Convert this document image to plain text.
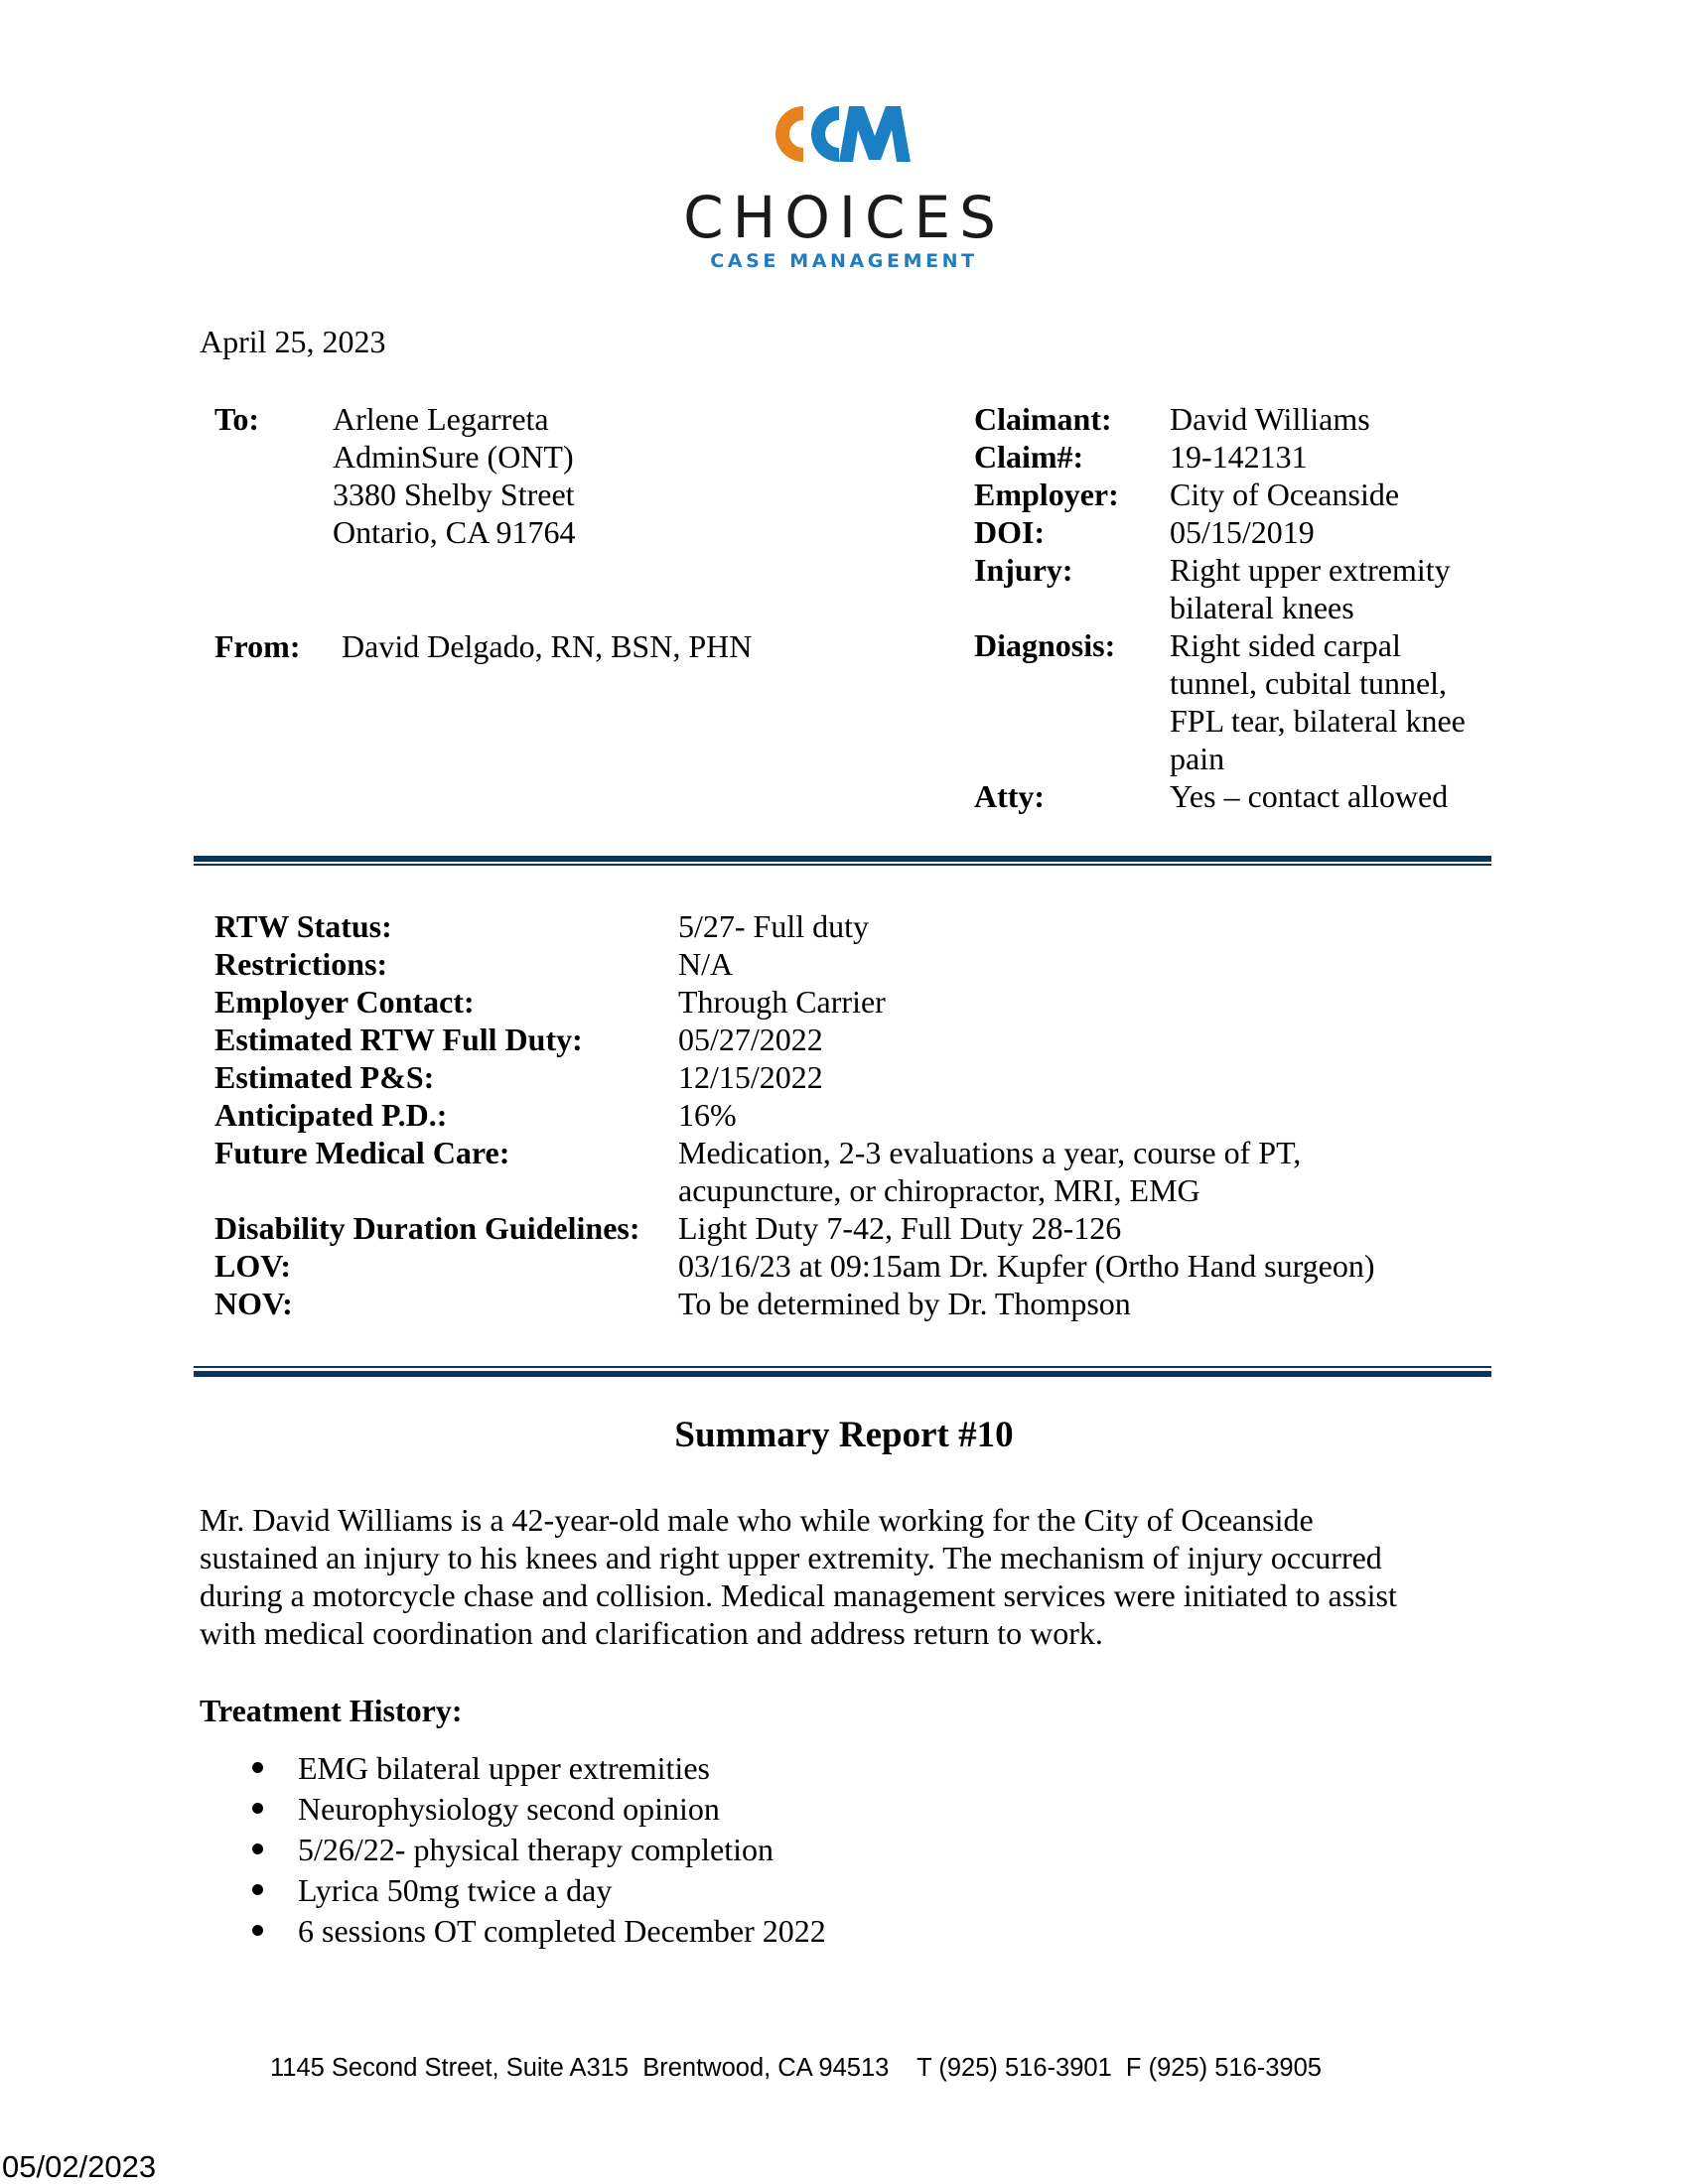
CHOICES
CASE MANAGEMENT
April 25, 2023
To: Arlene Legarreta
AdminSure (ONT)
3380 Shelby Street
Ontario, CA 91764
From: David Delgado, RN, BSN, PHN
Claimant: David Williams
Claim#:	19-142131
Employer: City of Oceanside
DOI:	05/15/2019
Injury:	Right upper extremity
bilateral knees
Diagnosis: Right sided carpal
tunnel, cubital tunnel,
FPL tear, bilateral knee
pain
Atty:	Yes – contact allowed
RTW Status:	5/27- Full duty
Restrictions:	N/A
Employer Contact:	Through Carrier
Estimated RTW Full Duty:	05/27/2022
Estimated P&S:	12/15/2022
Anticipated P.D.:	16%
Future Medical Care:	Medication, 2-3 evaluations a year, course of PT,
acupuncture, or chiropractor, MRI, EMG
Disability Duration Guidelines: Light Duty 7-42, Full Duty 28-126
LOV:	03/16/23 at 09:15am Dr. Kupfer (Ortho Hand surgeon)
NOV:	To be determined by Dr. Thompson
Summary Report #10
Mr. David Williams is a 42-year-old male who while working for the City of Oceanside
sustained an injury to his knees and right upper extremity. The mechanism of injury occurred
during a motorcycle chase and collision. Medical management services were initiated to assist
with medical coordination and clarification and address return to work.
Treatment History:
EMG bilateral upper extremities
Neurophysiology second opinion
5/26/22- physical therapy completion
Lyrica 50mg twice a day
6 sessions OT completed December 2022
1145 Second Street, Suite A315  Brentwood, CA 94513    T (925) 516-3901  F (925) 516-3905
05/02/2023
